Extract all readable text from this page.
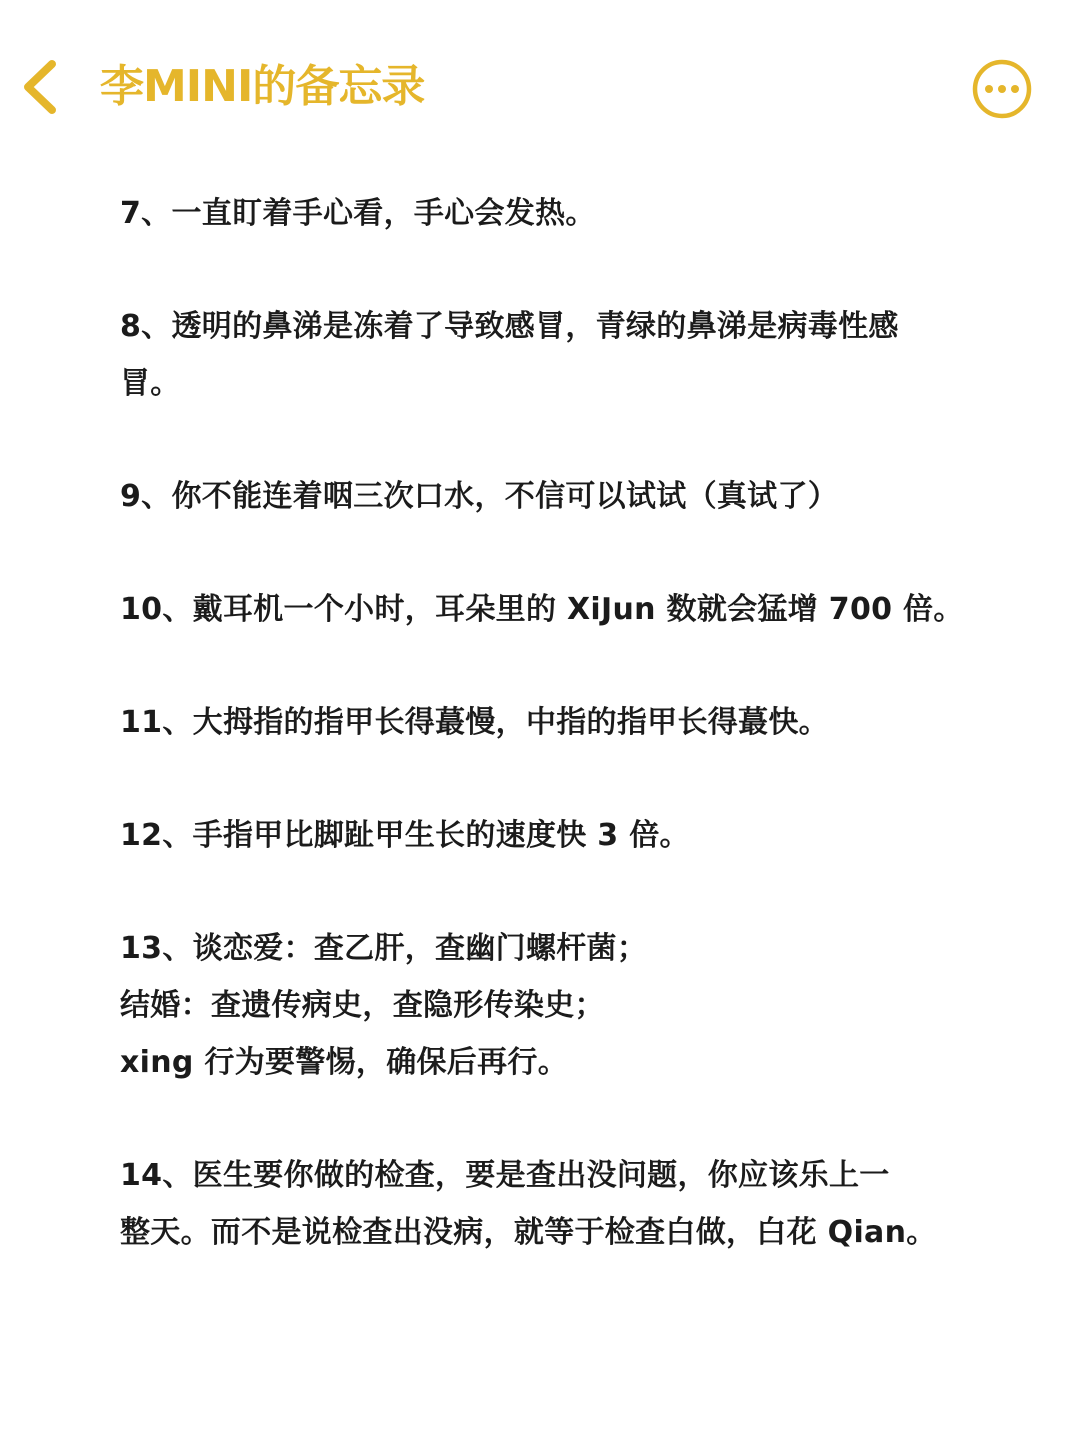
李MINI的备忘录

7、一直盯着手心看，手心会发热。

8、透明的鼻涕是冻着了导致感冒，青绿的鼻涕是病毒性感
冒。

9、你不能连着咽三次口水，不信可以试试（真试了）

10、戴耳机一个小时，耳朵里的 XiJun 数就会猛增 700 倍。

11、大拇指的指甲长得蕞慢，中指的指甲长得蕞快。

12、手指甲比脚趾甲生长的速度快 3 倍。

13、谈恋爱：查乙肝，查幽门螺杆菌；
结婚：查遗传病史，查隐形传染史；
xing 行为要警惕，确保后再行。

14、医生要你做的检查，要是查出没问题，你应该乐上一
整天。而不是说检查出没病，就等于检查白做，白花 Qian。
